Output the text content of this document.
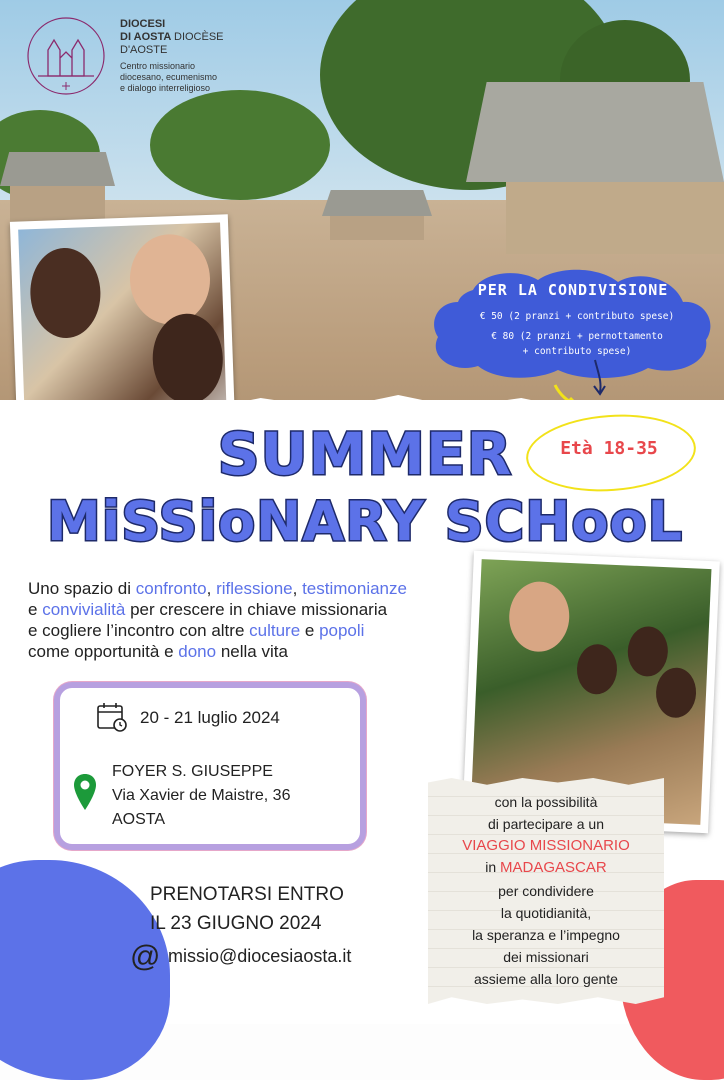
DIOCESI
DI AOSTA DIOCÈSE
D'AOSTE
Centro missionario
diocesano, ecumenismo
e dialogo interreligioso
PER LA CONDIVISIONE
€ 50 (2 pranzi + contributo spese)
€ 80 (2 pranzi + pernottamento
+ contributo spese)
Età 18-35
SUMMER
MiSSioNARY SCHooL
Uno spazio di confronto, riflessione, testimonianze
e convivialità per crescere in chiave missionaria
e cogliere l’incontro con altre culture e popoli
come opportunità e dono nella vita
20 - 21 luglio 2024
FOYER S. GIUSEPPE
Via Xavier de Maistre, 36
AOSTA
PRENOTARSI ENTRO
IL 23 GIUGNO 2024
@ missio@diocesiaosta.it
con la possibilità
di partecipare a un
VIAGGIO MISSIONARIO
in MADAGASCAR
per condividere
la quotidianità,
la speranza e l’impegno
dei missionari
assieme alla loro gente
